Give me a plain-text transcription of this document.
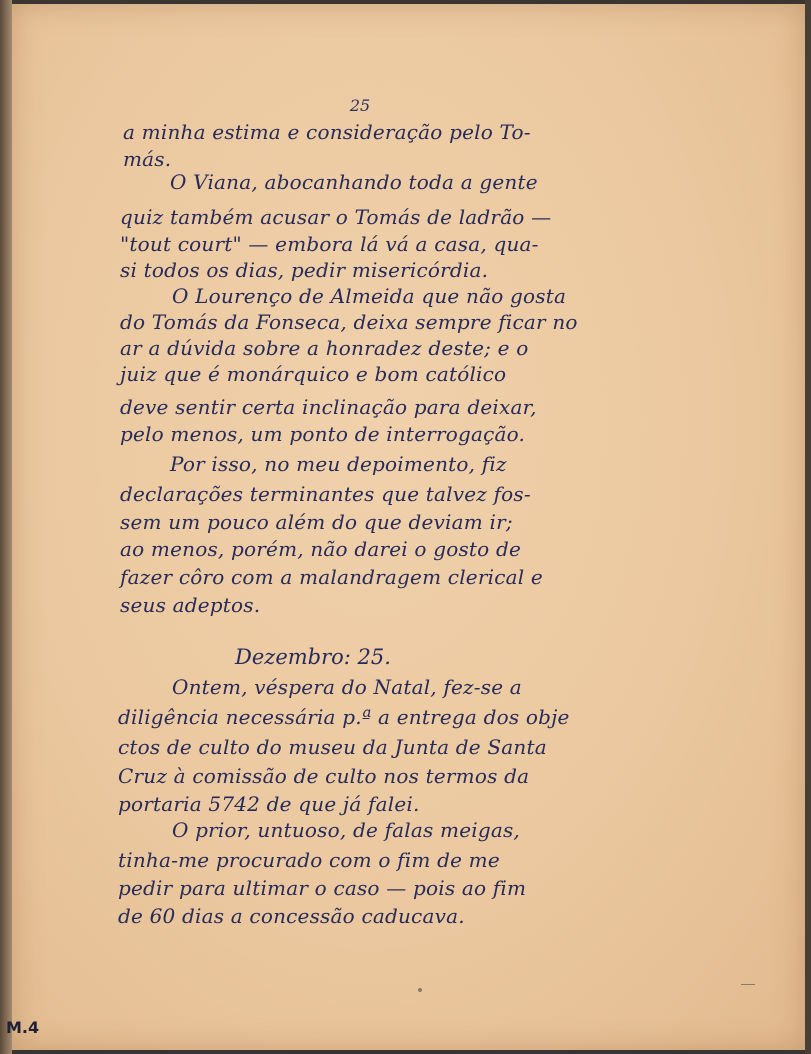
25
a minha estima e consideração pelo To-
más.
O Viana, abocanhando toda a gente
quiz também acusar o Tomás de ladrão —
"tout court" — embora lá vá a casa, qua-
si todos os dias, pedir misericórdia.
O Lourenço de Almeida que não gosta
do Tomás da Fonseca, deixa sempre ficar no
ar a dúvida sobre a honradez deste; e o
juiz que é monárquico e bom católico
deve sentir certa inclinação para deixar,
pelo menos, um ponto de interrogação.
Por isso, no meu depoimento, fiz
declarações terminantes que talvez fos-
sem um pouco além do que deviam ir;
ao menos, porém, não darei o gosto de
fazer côro com a malandragem clerical e
seus adeptos.
Dezembro: 25.
Ontem, véspera do Natal, fez-se a
diligência necessária p.ª a entrega dos obje
ctos de culto do museu da Junta de Santa
Cruz à comissão de culto nos termos da
portaria 5742 de que já falei.
O prior, untuoso, de falas meigas,
tinha-me procurado com o fim de me
pedir para ultimar o caso — pois ao fim
de 60 dias a concessão caducava.
M.4
